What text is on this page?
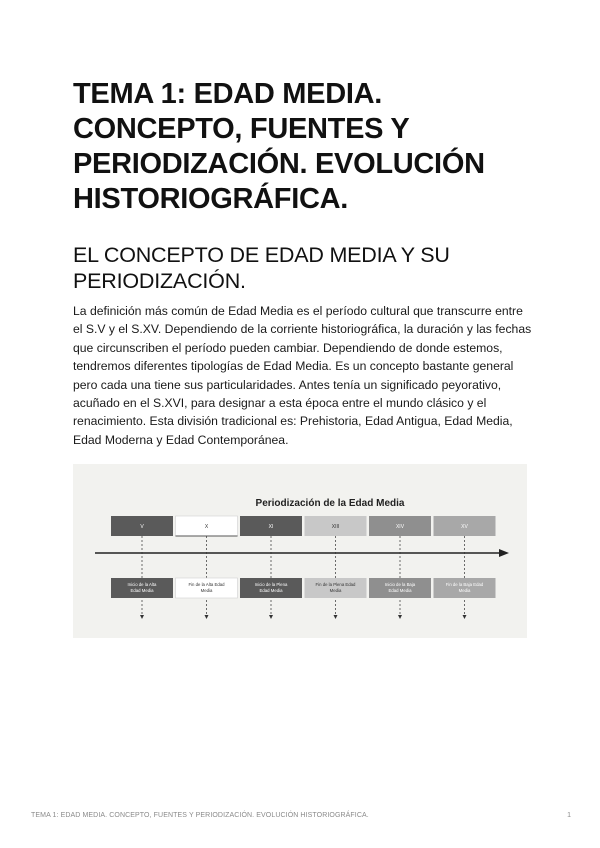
TEMA 1: EDAD MEDIA. CONCEPTO, FUENTES Y PERIODIZACIÓN. EVOLUCIÓN HISTORIOGRÁFICA.
EL CONCEPTO DE EDAD MEDIA Y SU PERIODIZACIÓN.

La definición más común de Edad Media es el período cultural que transcurre entre el S.V y el S.XV. Dependiendo de la corriente historiográfica, la duración y las fechas que circunscriben el período pueden cambiar. Dependiendo de donde estemos, tendremos diferentes tipologías de Edad Media. Es un concepto bastante general pero cada una tiene sus particularidades. Antes tenía un significado peyorativo, acuñado en el S.XVI, para designar a esta época entre el mundo clásico y el renacimiento. Esta división tradicional es: Prehistoria, Edad Antigua, Edad Media, Edad Moderna y Edad Contemporánea.

Periodización de la Edad Media
V
Inicio de la Alta
Edad Media
X
Fin de la Alta Edad
Media
XI
Inicio de la Plena
Edad Media
XIII
Fin de la Plena Edad
Media
XIV
Inicio de la Baja
Edad Media
XV
Fin de la Baja Edad
Media
TEMA 1: EDAD MEDIA. CONCEPTO, FUENTES Y PERIODIZACIÓN. EVOLUCIÓN HISTORIOGRÁFICA.	1
